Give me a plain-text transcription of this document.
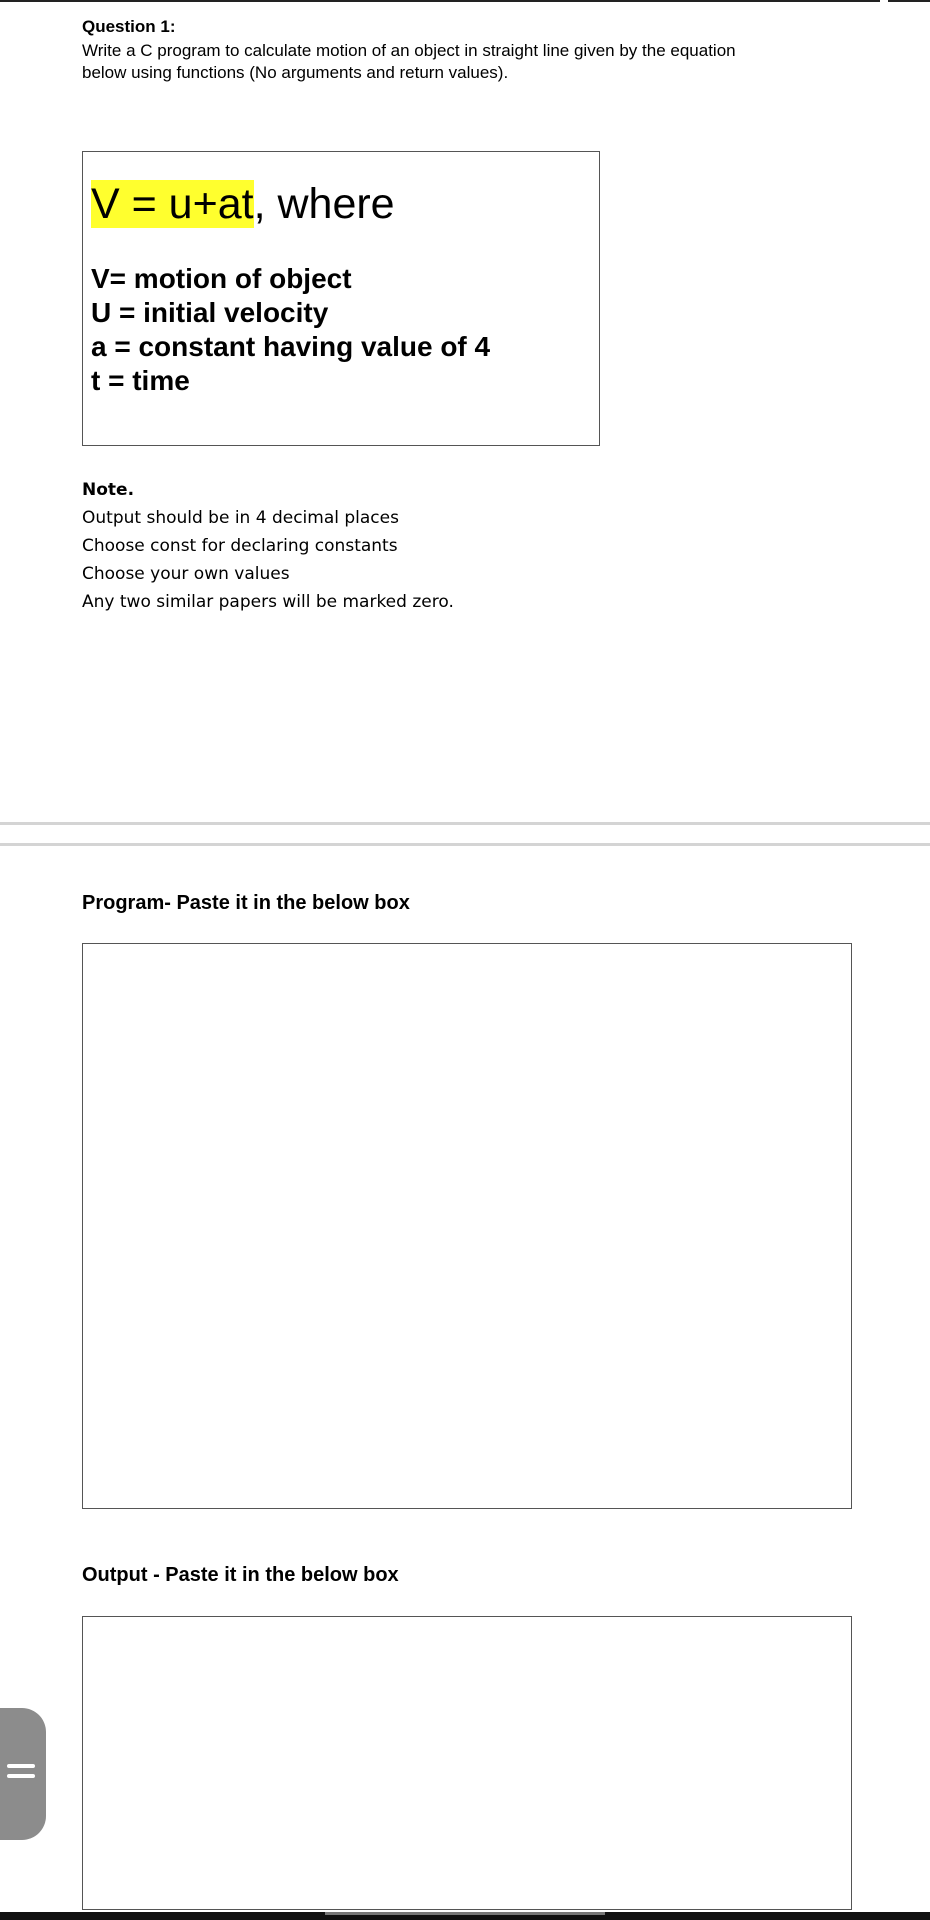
Question 1:
Write a C program to calculate motion of an object in straight line given by the equation
below using functions (No arguments and return values).
V = u+at, where
V= motion of object
U = initial velocity
a = constant having value of 4
t = time
Note.
Output should be in 4 decimal places
Choose const for declaring constants
Choose your own values
Any two similar papers will be marked zero.
Program- Paste it in the below box
Output - Paste it in the below box
